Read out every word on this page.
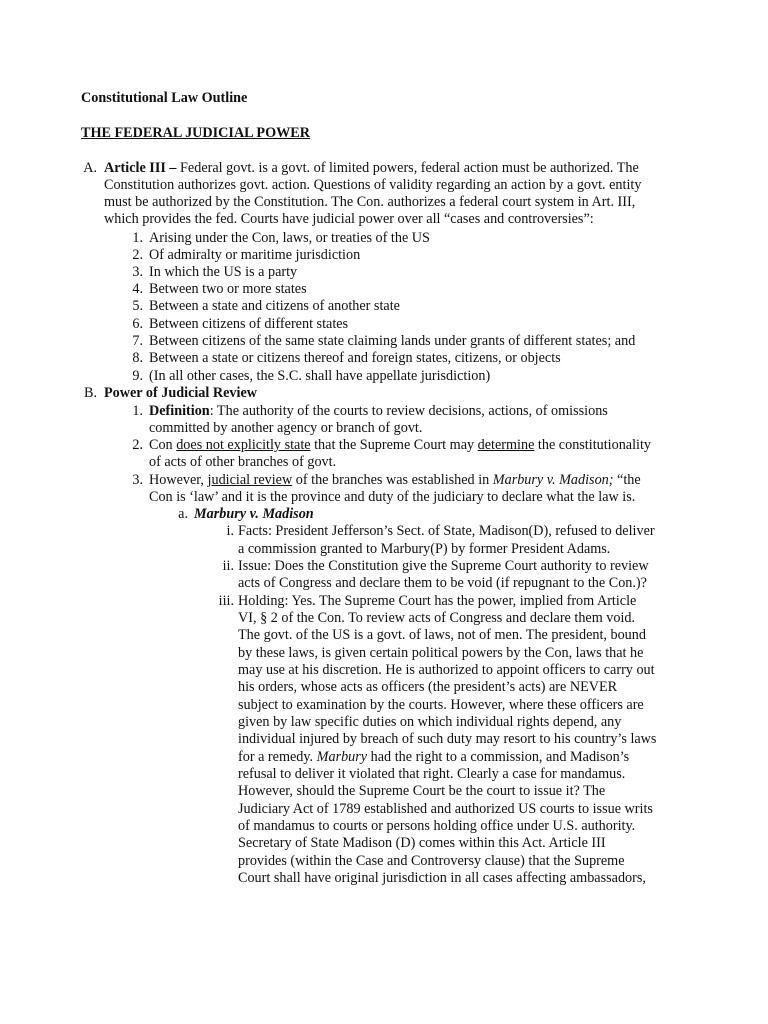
Constitutional Law Outline
THE FEDERAL JUDICIAL POWER
A. Article III – Federal govt. is a govt. of limited powers, federal action must be authorized. The
Constitution authorizes govt. action. Questions of validity regarding an action by a govt. entity
must be authorized by the Constitution. The Con. authorizes a federal court system in Art. III,
which provides the fed. Courts have judicial power over all “cases and controversies”:
1. Arising under the Con, laws, or treaties of the US
2. Of admiralty or maritime jurisdiction
3. In which the US is a party
4. Between two or more states
5. Between a state and citizens of another state
6. Between citizens of different states
7. Between citizens of the same state claiming lands under grants of different states; and
8. Between a state or citizens thereof and foreign states, citizens, or objects
9. (In all other cases, the S.C. shall have appellate jurisdiction)
B. Power of Judicial Review
1. Definition: The authority of the courts to review decisions, actions, of omissions
committed by another agency or branch of govt.
2. Con does not explicitly state that the Supreme Court may determine the constitutionality
of acts of other branches of govt.
3. However, judicial review of the branches was established in Marbury v. Madison; “the
Con is ‘law’ and it is the province and duty of the judiciary to declare what the law is.
a. Marbury v. Madison
i. Facts: President Jefferson’s Sect. of State, Madison(D), refused to deliver
a commission granted to Marbury(P) by former President Adams.
ii. Issue: Does the Constitution give the Supreme Court authority to review
acts of Congress and declare them to be void (if repugnant to the Con.)?
iii. Holding: Yes. The Supreme Court has the power, implied from Article
VI, § 2 of the Con. To review acts of Congress and declare them void.
The govt. of the US is a govt. of laws, not of men. The president, bound
by these laws, is given certain political powers by the Con, laws that he
may use at his discretion. He is authorized to appoint officers to carry out
his orders, whose acts as officers (the president’s acts) are NEVER
subject to examination by the courts. However, where these officers are
given by law specific duties on which individual rights depend, any
individual injured by breach of such duty may resort to his country’s laws
for a remedy. Marbury had the right to a commission, and Madison’s
refusal to deliver it violated that right. Clearly a case for mandamus.
However, should the Supreme Court be the court to issue it? The
Judiciary Act of 1789 established and authorized US courts to issue writs
of mandamus to courts or persons holding office under U.S. authority.
Secretary of State Madison (D) comes within this Act. Article III
provides (within the Case and Controversy clause) that the Supreme
Court shall have original jurisdiction in all cases affecting ambassadors,
